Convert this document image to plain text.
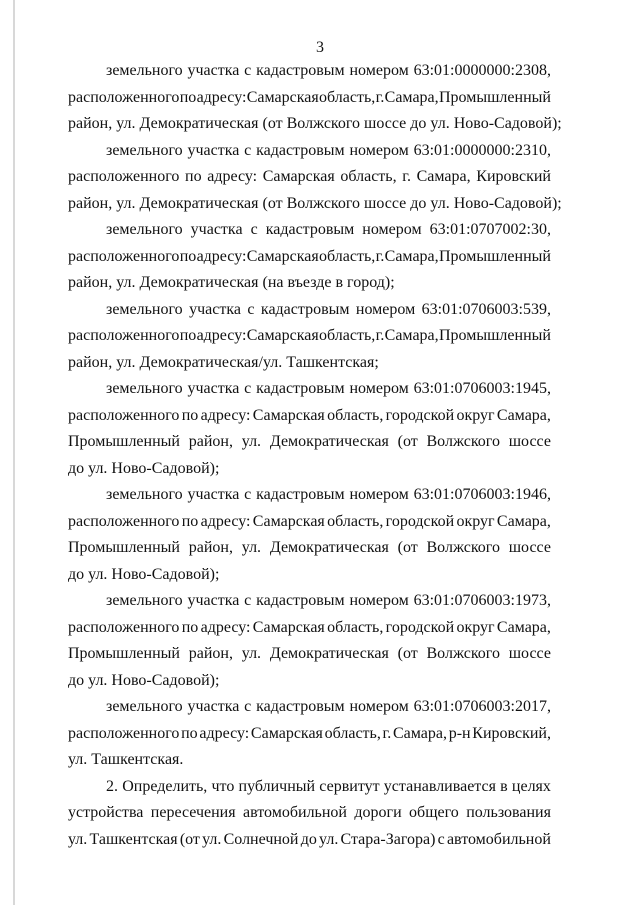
3
земельного участка с кадастровым номером 63:01:0000000:2308,
расположенного по адресу: Самарская область, г. Самара, Промышленный
район, ул. Демократическая (от Волжского шоссе до ул. Ново-Садовой);
земельного участка с кадастровым номером 63:01:0000000:2310,
расположенного по адресу: Самарская область, г. Самара, Кировский
район, ул. Демократическая (от Волжского шоссе до ул. Ново-Садовой);
земельного участка с кадастровым номером 63:01:0707002:30,
расположенного по адресу: Самарская область, г. Самара, Промышленный
район, ул. Демократическая (на въезде в город);
земельного участка с кадастровым номером 63:01:0706003:539,
расположенного по адресу: Самарская область, г. Самара, Промышленный
район, ул. Демократическая/ул. Ташкентская;
земельного участка с кадастровым номером 63:01:0706003:1945,
расположенного по адресу: Самарская область, городской округ Самара,
Промышленный район, ул. Демократическая (от Волжского шоссе
до ул. Ново-Садовой);
земельного участка с кадастровым номером 63:01:0706003:1946,
расположенного по адресу: Самарская область, городской округ Самара,
Промышленный район, ул. Демократическая (от Волжского шоссе
до ул. Ново-Садовой);
земельного участка с кадастровым номером 63:01:0706003:1973,
расположенного по адресу: Самарская область, городской округ Самара,
Промышленный район, ул. Демократическая (от Волжского шоссе
до ул. Ново-Садовой);
земельного участка с кадастровым номером 63:01:0706003:2017,
расположенного по адресу: Самарская область, г. Самара, р-н Кировский,
ул. Ташкентская.
2. Определить, что публичный сервитут устанавливается в целях
устройства пересечения автомобильной дороги общего пользования
ул. Ташкентская (от ул. Солнечной до ул. Стара-Загора) с автомобильной
